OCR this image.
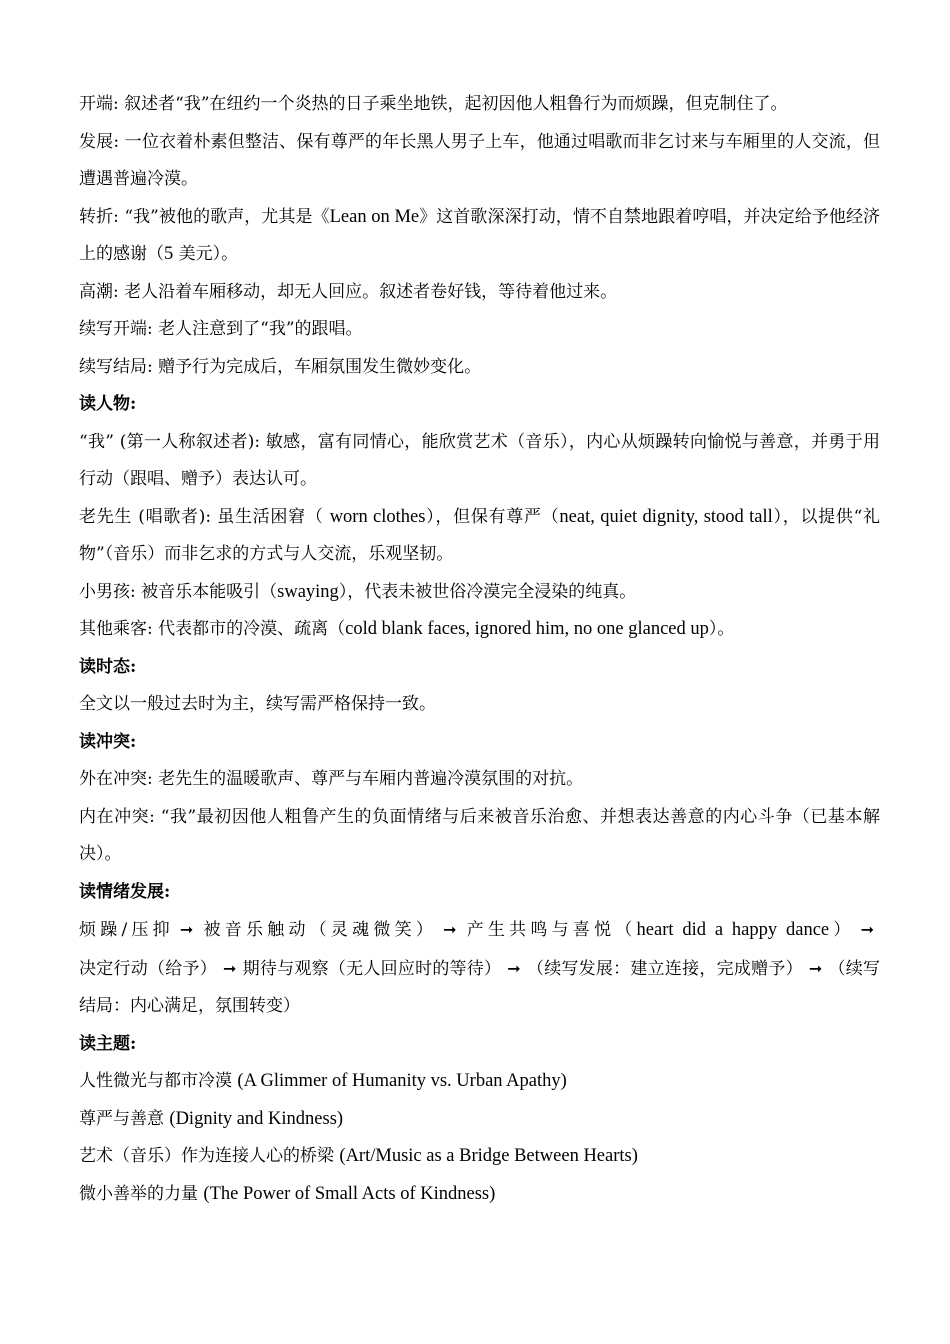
开端: 叙述者“我”在纽约一个炎热的日子乘坐地铁，起初因他人粗鲁行为而烦躁，但克制住了。

发展: 一位衣着朴素但整洁、保有尊严的年长黑人男子上车，他通过唱歌而非乞讨来与车厢里的人交流，但遭遇普遍冷漠。

转折: “我”被他的歌声，尤其是《Lean on Me》这首歌深深打动，情不自禁地跟着哼唱，并决定给予他经济上的感谢（5 美元）。

高潮: 老人沿着车厢移动，却无人回应。叙述者卷好钱，等待着他过来。

续写开端: 老人注意到了“我”的跟唱。

续写结局: 赠予行为完成后，车厢氛围发生微妙变化。

读人物:

“我” (第一人称叙述者): 敏感，富有同情心，能欣赏艺术（音乐），内心从烦躁转向愉悦与善意，并勇于用行动（跟唱、赠予）表达认可。

老先生 (唱歌者): 虽生活困窘（ worn clothes），但保有尊严（neat, quiet dignity, stood tall），以提供“礼物”（音乐）而非乞求的方式与人交流，乐观坚韧。

小男孩: 被音乐本能吸引（swaying），代表未被世俗冷漠完全浸染的纯真。

其他乘客: 代表都市的冷漠、疏离（cold blank faces, ignored him, no one glanced up）。

读时态:

全文以一般过去时为主，续写需严格保持一致。

读冲突:

外在冲突: 老先生的温暖歌声、尊严与车厢内普遍冷漠氛围的对抗。

内在冲突: “我”最初因他人粗鲁产生的负面情绪与后来被音乐治愈、并想表达善意的内心斗争（已基本解决）。

读情绪发展:

烦躁/压抑 ➞ 被音乐触动（灵魂微笑） ➞ 产生共鸣与喜悦（heart did a happy dance） ➞决定行动（给予） ➞ 期待与观察（无人回应时的等待） ➞ （续写发展：建立连接，完成赠予） ➞ （续写结局：内心满足，氛围转变）

读主题:

人性微光与都市冷漠 (A Glimmer of Humanity vs. Urban Apathy)

尊严与善意 (Dignity and Kindness)

艺术（音乐）作为连接人心的桥梁 (Art/Music as a Bridge Between Hearts)

微小善举的力量 (The Power of Small Acts of Kindness)
